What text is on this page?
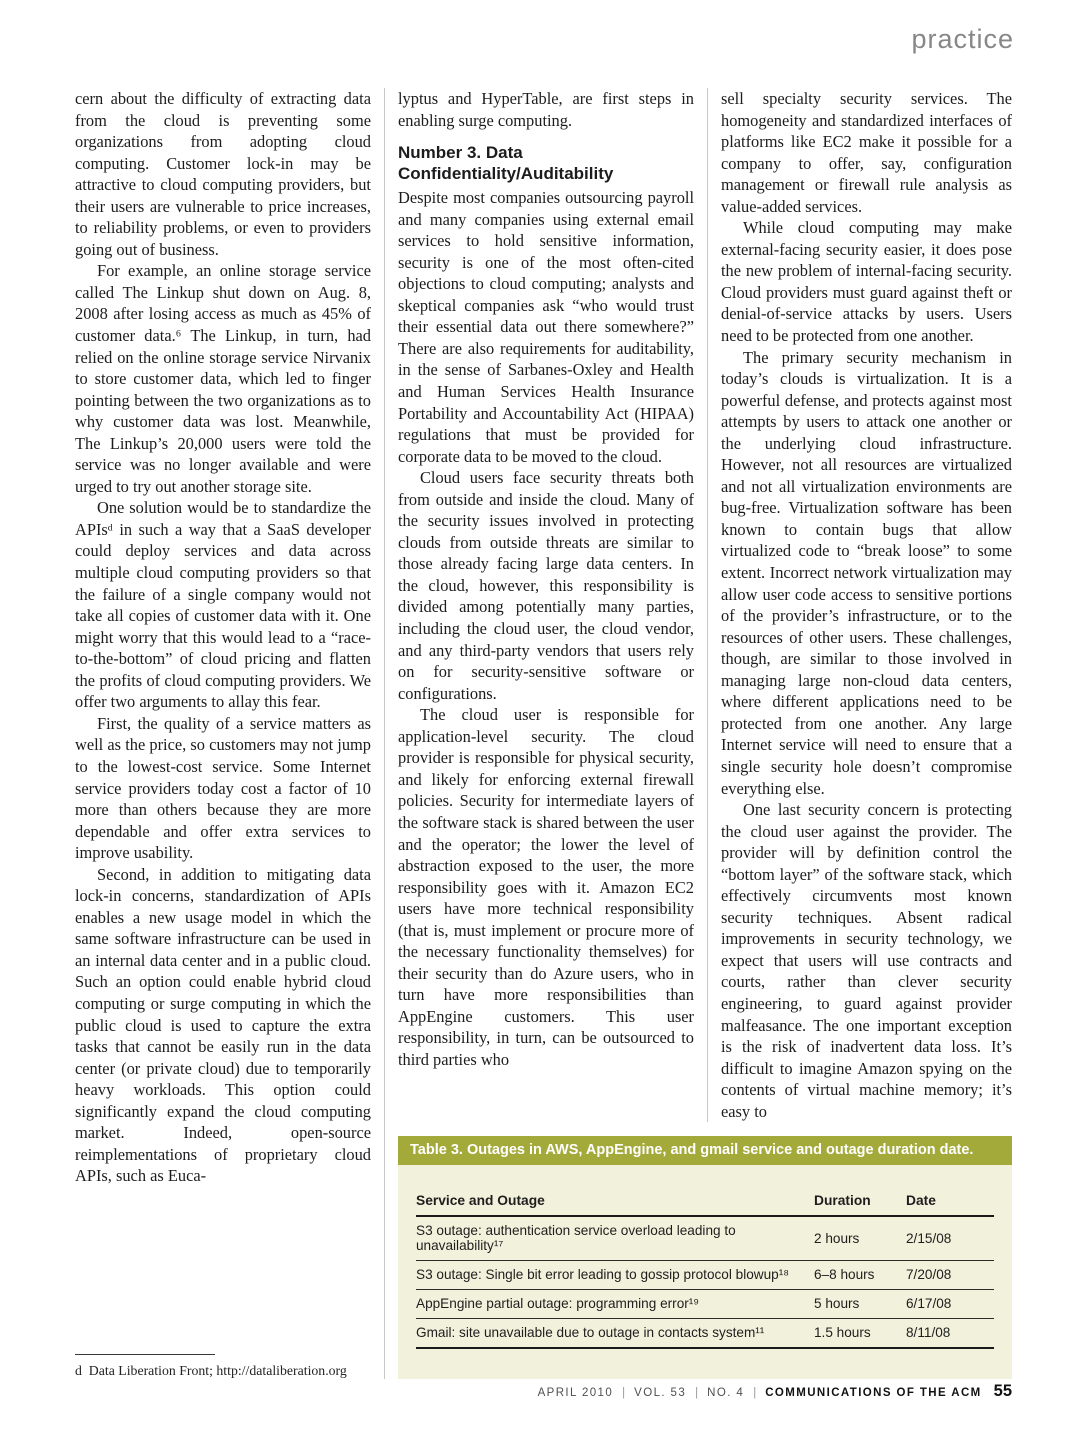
practice

cern about the difficulty of extracting data from the cloud is preventing some organizations from adopting cloud computing. Customer lock-in may be attractive to cloud computing providers, but their users are vulnerable to price increases, to reliability problems, or even to providers going out of business.

For example, an online storage service called The Linkup shut down on Aug. 8, 2008 after losing access as much as 45% of customer data.⁶ The Linkup, in turn, had relied on the online storage service Nirvanix to store customer data, which led to finger pointing between the two organizations as to why customer data was lost. Meanwhile, The Linkup’s 20,000 users were told the service was no longer available and were urged to try out another storage site.

One solution would be to standardize the APIsᵈ in such a way that a SaaS developer could deploy services and data across multiple cloud computing providers so that the failure of a single company would not take all copies of customer data with it. One might worry that this would lead to a “race-to-the-bottom” of cloud pricing and flatten the profits of cloud computing providers. We offer two arguments to allay this fear.

First, the quality of a service matters as well as the price, so customers may not jump to the lowest-cost service. Some Internet service providers today cost a factor of 10 more than others because they are more dependable and offer extra services to improve usability.

Second, in addition to mitigating data lock-in concerns, standardization of APIs enables a new usage model in which the same software infrastructure can be used in an internal data center and in a public cloud. Such an option could enable hybrid cloud computing or surge computing in which the public cloud is used to capture the extra tasks that cannot be easily run in the data center (or private cloud) due to temporarily heavy workloads. This option could significantly expand the cloud computing market. Indeed, open-source reimplementations of proprietary cloud APIs, such as Euca-

d Data Liberation Front; http://dataliberation.org

lyptus and HyperTable, are first steps in enabling surge computing.

Number 3. Data Confidentiality/Auditability

Despite most companies outsourcing payroll and many companies using external email services to hold sensitive information, security is one of the most often-cited objections to cloud computing; analysts and skeptical companies ask “who would trust their essential data out there somewhere?” There are also requirements for auditability, in the sense of Sarbanes-Oxley and Health and Human Services Health Insurance Portability and Accountability Act (HIPAA) regulations that must be provided for corporate data to be moved to the cloud.

Cloud users face security threats both from outside and inside the cloud. Many of the security issues involved in protecting clouds from outside threats are similar to those already facing large data centers. In the cloud, however, this responsibility is divided among potentially many parties, including the cloud user, the cloud vendor, and any third-party vendors that users rely on for security-sensitive software or configurations.

The cloud user is responsible for application-level security. The cloud provider is responsible for physical security, and likely for enforcing external firewall policies. Security for intermediate layers of the software stack is shared between the user and the operator; the lower the level of abstraction exposed to the user, the more responsibility goes with it. Amazon EC2 users have more technical responsibility (that is, must implement or procure more of the necessary functionality themselves) for their security than do Azure users, who in turn have more responsibilities than AppEngine customers. This user responsibility, in turn, can be outsourced to third parties who

sell specialty security services. The homogeneity and standardized interfaces of platforms like EC2 make it possible for a company to offer, say, configuration management or firewall rule analysis as value-added services.

While cloud computing may make external-facing security easier, it does pose the new problem of internal-facing security. Cloud providers must guard against theft or denial-of-service attacks by users. Users need to be protected from one another.

The primary security mechanism in today’s clouds is virtualization. It is a powerful defense, and protects against most attempts by users to attack one another or the underlying cloud infrastructure. However, not all resources are virtualized and not all virtualization environments are bug-free. Virtualization software has been known to contain bugs that allow virtualized code to “break loose” to some extent. Incorrect network virtualization may allow user code access to sensitive portions of the provider’s infrastructure, or to the resources of other users. These challenges, though, are similar to those involved in managing large non-cloud data centers, where different applications need to be protected from one another. Any large Internet service will need to ensure that a single security hole doesn’t compromise everything else.

One last security concern is protecting the cloud user against the provider. The provider will by definition control the “bottom layer” of the software stack, which effectively circumvents most known security techniques. Absent radical improvements in security technology, we expect that users will use contracts and courts, rather than clever security engineering, to guard against provider malfeasance. The one important exception is the risk of inadvertent data loss. It’s difficult to imagine Amazon spying on the contents of virtual machine memory; it’s easy to

Table 3. Outages in AWS, AppEngine, and gmail service and outage duration date.
Service and Outage	Duration	Date
S3 outage: authentication service overload leading to unavailability¹⁷	2 hours	2/15/08
S3 outage: Single bit error leading to gossip protocol blowup¹⁸	6–8 hours	7/20/08
AppEngine partial outage: programming error¹⁹	5 hours	6/17/08
Gmail: site unavailable due to outage in contacts system¹¹	1.5 hours	8/11/08
APRIL 2010 | VOL. 53 | NO. 4 | COMMUNICATIONS OF THE ACM 55
